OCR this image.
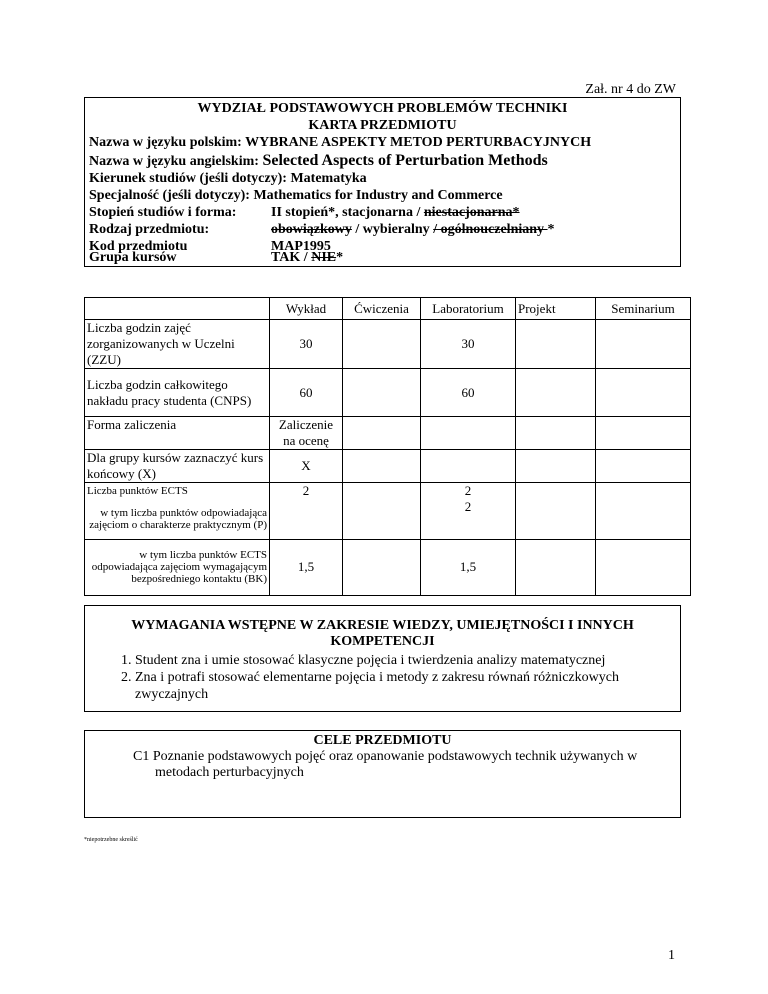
Zał. nr 4 do ZW
WYDZIAŁ PODSTAWOWYCH PROBLEMÓW TECHNIKI
KARTA PRZEDMIOTU
Nazwa w języku polskim: WYBRANE ASPEKTY METOD PERTURBACYJNYCH
Nazwa w języku angielskim: Selected Aspects of Perturbation Methods
Kierunek studiów (jeśli dotyczy): Matematyka
Specjalność (jeśli dotyczy): Mathematics for Industry and Commerce
Stopień studiów i forma: II stopień*, stacjonarna / niestacjonarna*
Rodzaj przedmiotu:	obowiązkowy / wybieralny / ogólnouczelniany *
Kod przedmiotu	MAP1995
Grupa kursów	TAK / NIE*
	Wykład	Ćwiczenia	Laboratorium	Projekt	Seminarium
Liczba godzin zajęć zorganizowanych w Uczelni (ZZU)	30		30		
Liczba godzin całkowitego nakładu pracy studenta (CNPS)	60		60		
Forma zaliczenia	Zaliczenie na ocenę				
Dla grupy kursów zaznaczyć kurs końcowy (X)	X				
Liczba punktów ECTS	2		2		
w tym liczba punktów odpowiadająca zajęciom o charakterze praktycznym (P)			2		
w tym liczba punktów ECTS odpowiadająca zajęciom wymagającym bezpośredniego kontaktu (BK)	1,5		1,5		
WYMAGANIA WSTĘPNE W ZAKRESIE WIEDZY, UMIEJĘTNOŚCI I INNYCH KOMPETENCJI
1. Student zna i umie stosować klasyczne pojęcia i twierdzenia analizy matematycznej
2. Zna i potrafi stosować elementarne pojęcia i metody z zakresu równań różniczkowych zwyczajnych
CELE PRZEDMIOTU
C1 Poznanie podstawowych pojęć oraz opanowanie podstawowych technik używanych w metodach perturbacyjnych
*niepotrzebne skreślić
1
